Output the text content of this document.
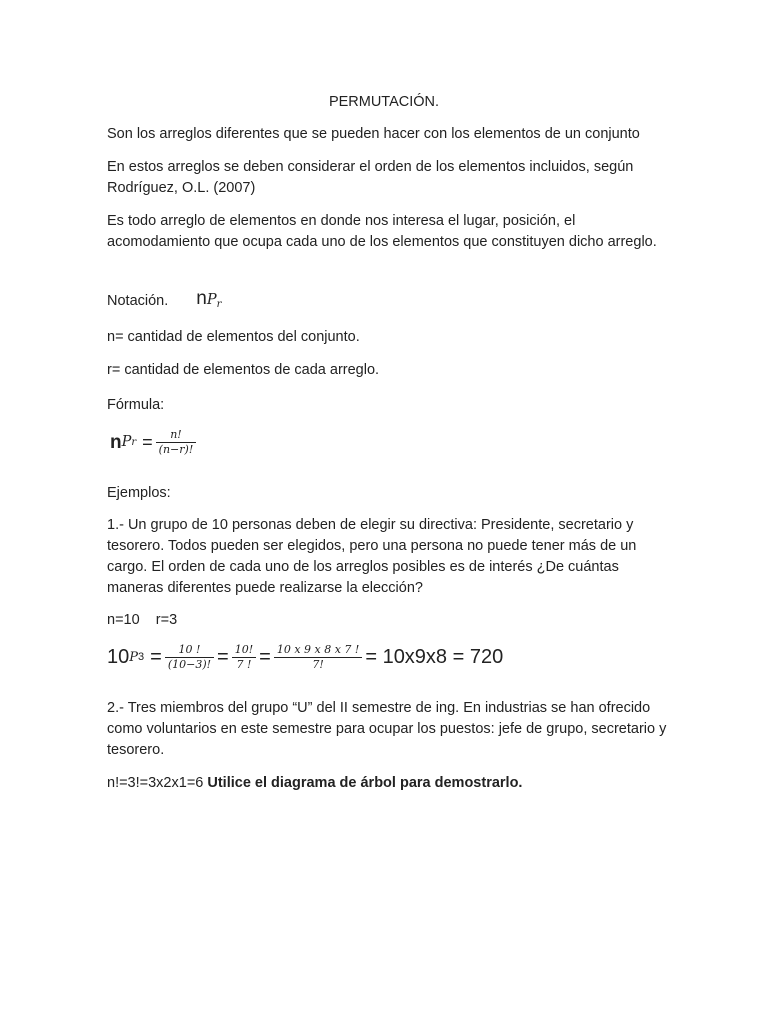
PERMUTACIÓN.

Son los arreglos diferentes que se pueden hacer con los elementos de un conjunto

En estos arreglos se deben considerar el orden de los elementos incluidos, según Rodríguez, O.L. (2007)

Es todo arreglo de elementos en donde nos interesa el lugar, posición, el acomodamiento que ocupa cada uno de los elementos que constituyen dicho arreglo.

Notación. $nP_r$

n= cantidad de elementos del conjunto.

r= cantidad de elementos de cada arreglo.

Fórmula:

n P $r = \frac{n!}{(n-r)!}$

Ejemplos:

1.- Un grupo de 10 personas deben de elegir su directiva: Presidente, secretario y tesorero. Todos pueden ser elegidos, pero una persona no puede tener más de un cargo. El orden de cada uno de los arreglos posibles es de interés ¿De cuántas maneras diferentes puede realizarse la elección?

n=10    r=3

10 P $3 = \frac{10 !}{(10-3)!} = \frac{10!}{7 !} = \frac{10 x 9 x 8 x 7 !}{7!} = 10x9x8 = 720$

2.- Tres miembros del grupo “U” del II semestre de ing. En industrias se han ofrecido como voluntarios en este semestre para ocupar los puestos: jefe de grupo, secretario y tesorero.

n!=3!=3x2x1=6 Utilice el diagrama de árbol para demostrarlo.
